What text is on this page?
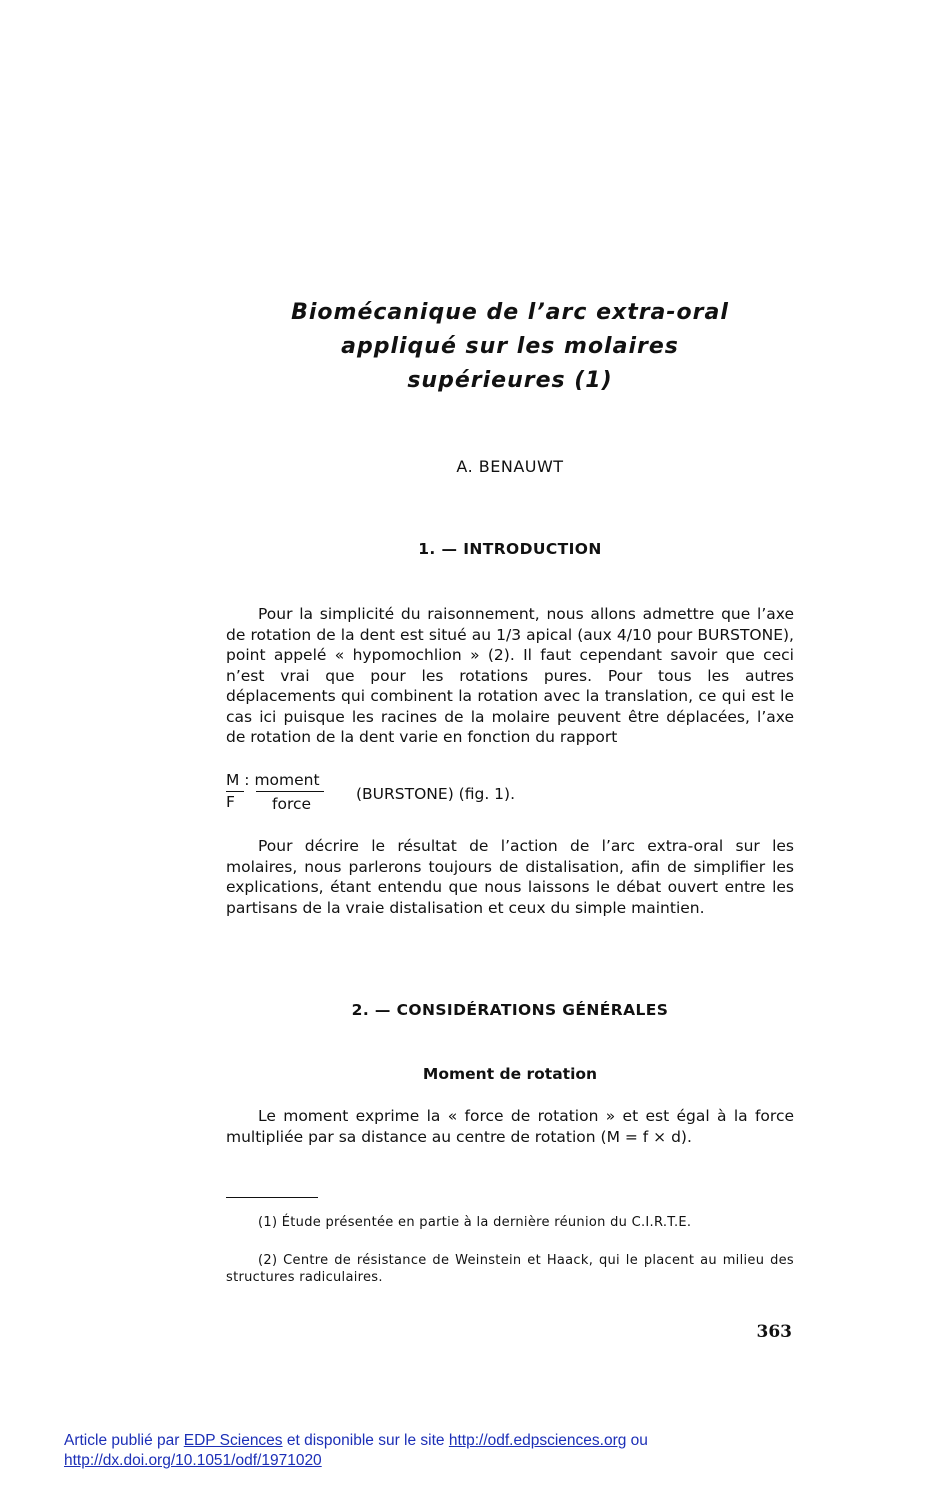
Biomécanique de l’arc extra-oral
appliqué sur les molaires
supérieures (1)
A. BENAUWT
1. — INTRODUCTION

Pour la simplicité du raisonnement, nous allons admettre que l’axe de rotation de la dent est situé au 1/3 apical (aux 4/10 pour BURSTONE), point appelé « hypomochlion » (2). Il faut cependant savoir que ceci n’est vrai que pour les rotations pures. Pour tous les autres déplacements qui combinent la rotation avec la translation, ce qui est le cas ici puisque les racines de la molaire peuvent être déplacées, l’axe de rotation de la dent varie en fonction du rapport

M : moment
F force
(BURSTONE) (fig. 1).

Pour décrire le résultat de l’action de l’arc extra-oral sur les molaires, nous parlerons toujours de distalisation, afin de simplifier les explications, étant entendu que nous laissons le débat ouvert entre les partisans de la vraie distalisation et ceux du simple maintien.

2. — CONSIDÉRATIONS GÉNÉRALES
Moment de rotation

Le moment exprime la « force de rotation » et est égal à la force multipliée par sa distance au centre de rotation (M = f × d).

(1) Étude présentée en partie à la dernière réunion du C.I.R.T.E.

(2) Centre de résistance de Weinstein et Haack, qui le placent au milieu des structures radiculaires.

363
Article publié par EDP Sciences et disponible sur le site http://odf.edpsciences.org ou
http://dx.doi.org/10.1051/odf/1971020
